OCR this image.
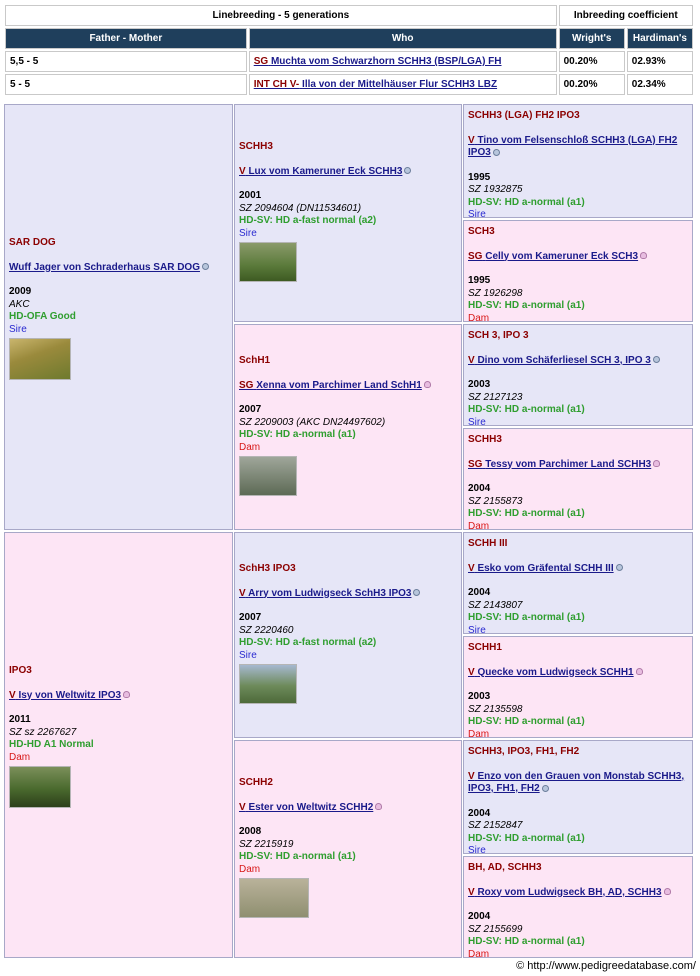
Linebreeding - 5 generations		Inbreeding coefficient	
Father - Mother	Who	Wright's	Hardiman's
5,5 - 5	SG Muchta vom Schwarzhorn SCHH3 (BSP/LGA) FH	00.20%	02.93%
5 - 5	INT CH V- Illa von der Mittelhäuser Flur SCHH3 LBZ	00.20%	02.34%
SAR DOG
Wuff Jager von Schraderhaus SAR DOG
2009
AKC
HD-OFA Good
Sire
IPO3
V Isy von Weltwitz IPO3
2011
SZ sz 2267627
HD-HD A1 Normal
Dam
SCHH3
V Lux vom Kameruner Eck SCHH3
2001
SZ 2094604 (DN11534601)
HD-SV: HD a-fast normal (a2)
Sire
SchH1
SG Xenna vom Parchimer Land SchH1
2007
SZ 2209003 (AKC DN24497602)
HD-SV: HD a-normal (a1)
Dam
SchH3 IPO3
V Arry vom Ludwigseck SchH3 IPO3
2007
SZ 2220460
HD-SV: HD a-fast normal (a2)
Sire
SCHH2
V Ester von Weltwitz SCHH2
2008
SZ 2215919
HD-SV: HD a-normal (a1)
Dam
SCHH3 (LGA) FH2 IPO3
V Tino vom Felsenschloß SCHH3 (LGA) FH2 IPO3
1995
SZ 1932875
HD-SV: HD a-normal (a1)
Sire
SCH3
SG Celly vom Kameruner Eck SCH3
1995
SZ 1926298
HD-SV: HD a-normal (a1)
Dam
SCH 3, IPO 3
V Dino vom Schäferliesel SCH 3, IPO 3
2003
SZ 2127123
HD-SV: HD a-normal (a1)
Sire
SCHH3
SG Tessy vom Parchimer Land SCHH3
2004
SZ 2155873
HD-SV: HD a-normal (a1)
Dam
SCHH III
V Esko vom Gräfental SCHH III
2004
SZ 2143807
HD-SV: HD a-normal (a1)
Sire
SCHH1
V Quecke vom Ludwigseck SCHH1
2003
SZ 2135598
HD-SV: HD a-normal (a1)
Dam
SCHH3, IPO3, FH1, FH2
V Enzo von den Grauen von Monstab SCHH3, IPO3, FH1, FH2
2004
SZ 2152847
HD-SV: HD a-normal (a1)
Sire
BH, AD, SCHH3
V Roxy vom Ludwigseck BH, AD, SCHH3
2004
SZ 2155699
HD-SV: HD a-normal (a1)
Dam
© http://www.pedigreedatabase.com/
